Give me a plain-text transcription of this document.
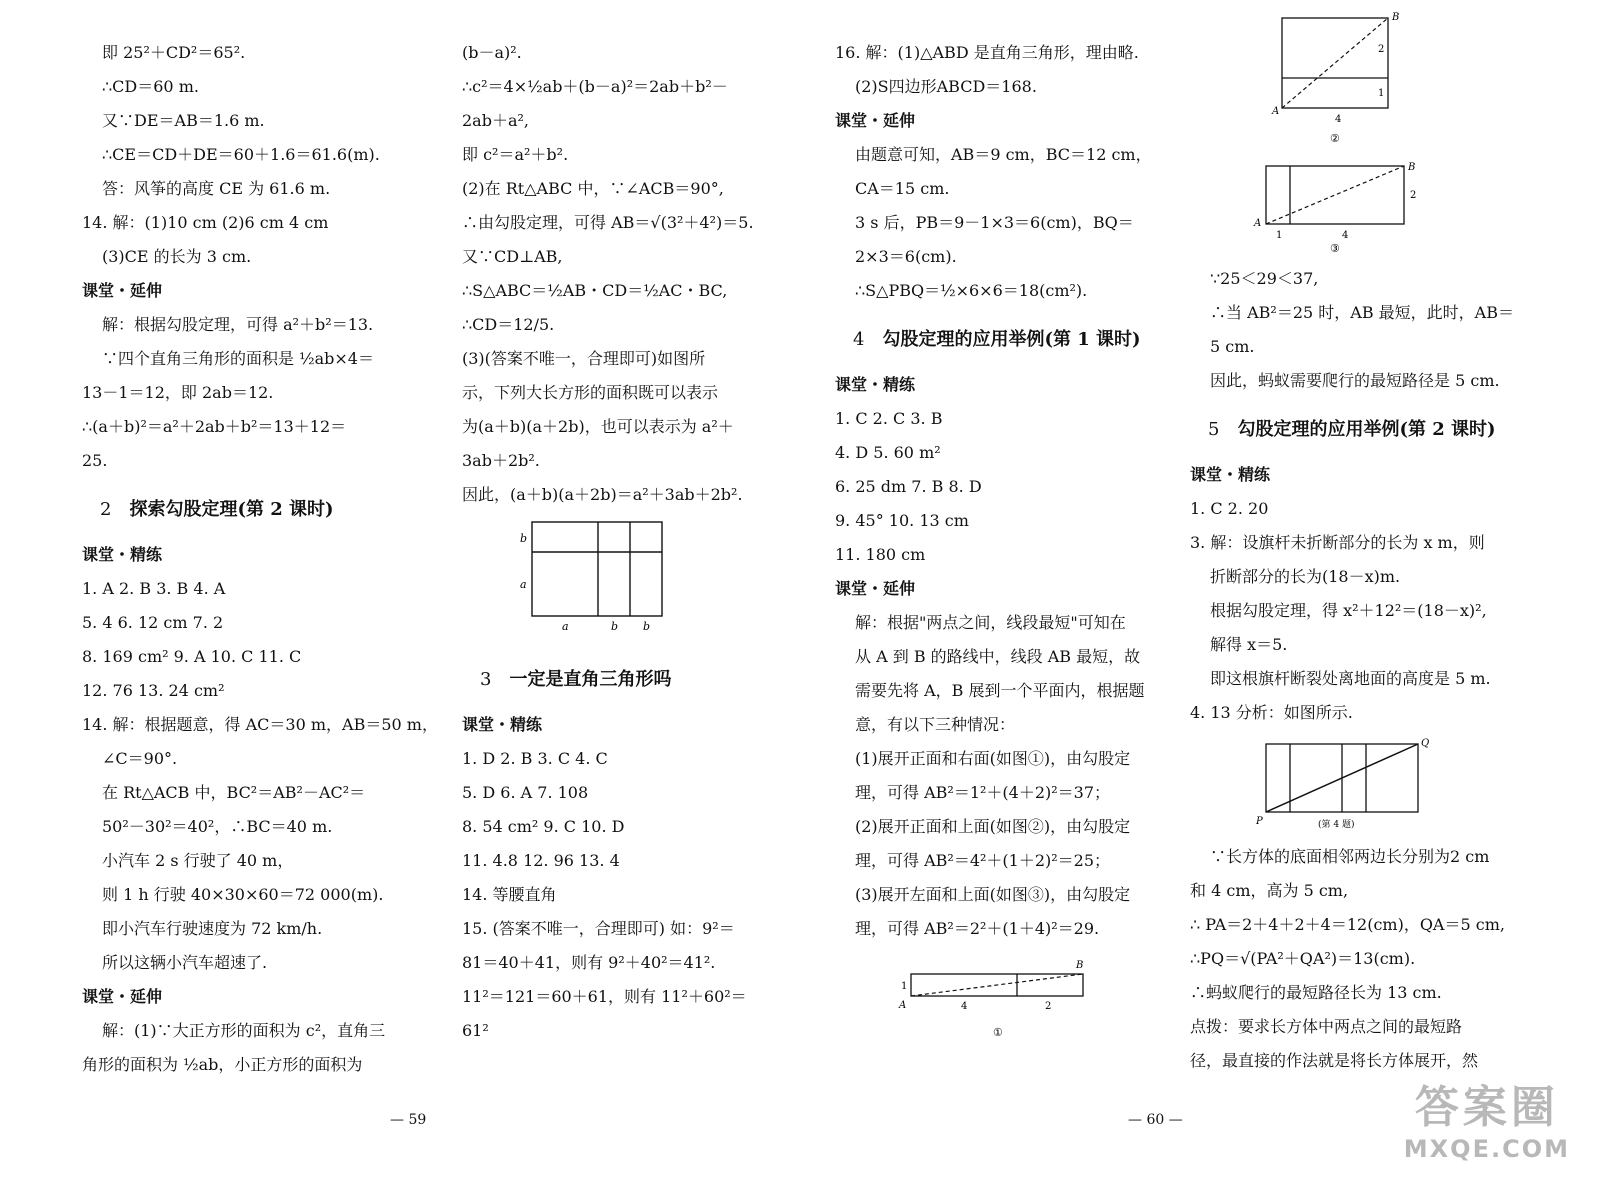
即 25²＋CD²＝65².
∴CD＝60 m.
又∵DE＝AB＝1.6 m.
∴CE＝CD＋DE＝60＋1.6＝61.6(m).
答：风筝的高度 CE 为 61.6 m.
14. 解：(1)10 cm (2)6 cm 4 cm
(3)CE 的长为 3 cm.
课堂・延伸
解：根据勾股定理，可得 a²＋b²＝13.
∵四个直角三角形的面积是 ½ab×4＝
13－1＝12，即 2ab＝12.
∴(a＋b)²＝a²＋2ab＋b²＝13＋12＝
25.
2 探索勾股定理(第 2 课时)
课堂・精练
1. A 2. B 3. B 4. A
5. 4 6. 12 cm 7. 2
8. 169 cm² 9. A 10. C 11. C
12. 76 13. 24 cm²
14. 解：根据题意，得 AC＝30 m，AB＝50 m，
∠C＝90°.
在 Rt△ACB 中，BC²＝AB²－AC²＝
50²－30²＝40²，∴BC＝40 m.
小汽车 2 s 行驶了 40 m，
则 1 h 行驶 40×30×60＝72 000(m).
即小汽车行驶速度为 72 km/h.
所以这辆小汽车超速了.
课堂・延伸
解：(1)∵大正方形的面积为 c²，直角三
角形的面积为 ½ab，小正方形的面积为
(b－a)².
∴c²＝4×½ab＋(b－a)²＝2ab＋b²－
2ab＋a²,
即 c²＝a²＋b².
(2)在 Rt△ABC 中，∵∠ACB＝90°,
∴由勾股定理，可得 AB＝√(3²＋4²)＝5.
又∵CD⊥AB,
∴S△ABC＝½AB・CD＝½AC・BC,
∴CD＝12/5.
(3)(答案不唯一，合理即可)如图所
示，下列大长方形的面积既可以表示
为(a＋b)(a＋2b)，也可以表示为 a²＋
3ab＋2b².
因此，(a＋b)(a＋2b)＝a²＋3ab＋2b².
b
a
a	b b
3 一定是直角三角形吗
课堂・精练
1. D 2. B 3. C 4. C
5. D 6. A 7. 108
8. 54 cm² 9. C 10. D
11. 4.8 12. 96 13. 4
14. 等腰直角
15. (答案不唯一，合理即可) 如：9²＝
81＝40＋41，则有 9²＋40²＝41².
11²＝121＝60＋61，则有 11²＋60²＝
61²
— 59
16. 解：(1)△ABD 是直角三角形，理由略.
(2)S四边形ABCD＝168.
课堂・延伸
由题意可知，AB＝9 cm，BC＝12 cm，
CA＝15 cm.
3 s 后，PB＝9－1×3＝6(cm)，BQ＝
2×3＝6(cm).
∴S△PBQ＝½×6×6＝18(cm²).
4 勾股定理的应用举例(第 1 课时)
课堂・精练
1. C 2. C 3. B
4. D 5. 60 m²
6. 25 dm 7. B 8. D
9. 45° 10. 13 cm
11. 180 cm
课堂・延伸
解：根据"两点之间，线段最短"可知在
从 A 到 B 的路线中，线段 AB 最短，故
需要先将 A，B 展到一个平面内，根据题
意，有以下三种情况：
(1)展开正面和右面(如图①)，由勾股定
理，可得 AB²＝1²＋(4＋2)²＝37；
(2)展开正面和上面(如图②)，由勾股定
理，可得 AB²＝4²＋(1＋2)²＝25；
(3)展开左面和上面(如图③)，由勾股定
理，可得 AB²＝2²＋(1＋4)²＝29.
A
B
1
4	2
①
— 60 —
A
B
2
1
4
②

A
B
2
1	4
③
∵25＜29＜37,
∴当 AB²＝25 时，AB 最短，此时，AB＝
5 cm.
因此，蚂蚁需要爬行的最短路径是 5 cm.
5 勾股定理的应用举例(第 2 课时)
课堂・精练
1. C 2. 20
3. 解：设旗杆未折断部分的长为 x m，则
折断部分的长为(18－x)m.
根据勾股定理，得 x²＋12²＝(18－x)²,
解得 x＝5.
即这根旗杆断裂处离地面的高度是 5 m.
4. 13 分析：如图所示.
P
Q
(第 4 题)
∵长方体的底面相邻两边长分别为2 cm
和 4 cm，高为 5 cm,
∴ PA＝2＋4＋2＋4＝12(cm)，QA＝5 cm,
∴PQ＝√(PA²＋QA²)＝13(cm).
∴蚂蚁爬行的最短路径长为 13 cm.
点拨：要求长方体中两点之间的最短路
径，最直接的作法就是将长方体展开，然
答案圈
MXQE.COM
